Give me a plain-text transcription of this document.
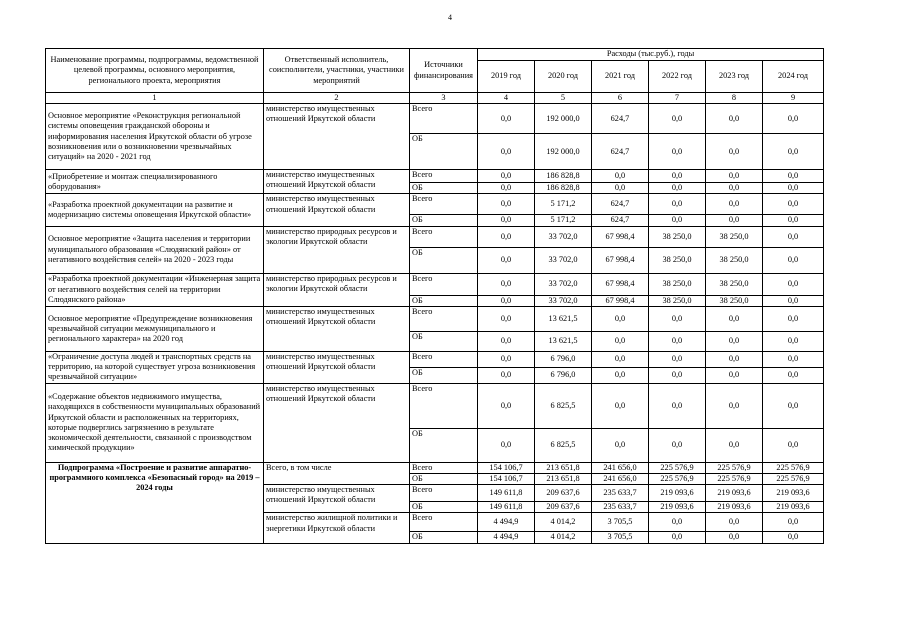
4
Наименование программы, подпрограммы, ведомственной целевой программы, основного мероприятия, регионального проекта, мероприятия	Ответственный исполнитель, соисполнители, участники, участники мероприятий	Источники финансирования	Расходы (тыс.руб.), годы					
			2019 год	2020 год	2021 год	2022 год	2023 год	2024 год
1	2	3	4	5	6	7	8	9
Основное мероприятие «Реконструкция региональной системы оповещения гражданской обороны и информирования населения Иркутской области об угрозе возникновения или о возникновении чрезвычайных ситуаций» на 2020 - 2021 год	министерство имущественных отношений Иркутской области	Всего	0,0	192 000,0	624,7	0,0	0,0	0,0
		ОБ	0,0	192 000,0	624,7	0,0	0,0	0,0
«Приобретение и монтаж специализированного оборудования»	министерство имущественных отношений Иркутской области	Всего	0,0	186 828,8	0,0	0,0	0,0	0,0
		ОБ	0,0	186 828,8	0,0	0,0	0,0	0,0
«Разработка проектной документации на развитие и модернизацию системы оповещения Иркутской области»	министерство имущественных отношений Иркутской области	Всего	0,0	5 171,2	624,7	0,0	0,0	0,0
		ОБ	0,0	5 171,2	624,7	0,0	0,0	0,0
Основное мероприятие «Защита населения и территории муниципального образования «Слюдянский район» от негативного воздействия селей» на 2020 - 2023 годы	министерство природных ресурсов и экологии Иркутской области	Всего	0,0	33 702,0	67 998,4	38 250,0	38 250,0	0,0
		ОБ	0,0	33 702,0	67 998,4	38 250,0	38 250,0	0,0
«Разработка проектной документации «Инженерная защита от негативного воздействия селей на территории Слюдянского района»	министерство природных ресурсов и экологии Иркутской области	Всего	0,0	33 702,0	67 998,4	38 250,0	38 250,0	0,0
		ОБ	0,0	33 702,0	67 998,4	38 250,0	38 250,0	0,0
Основное мероприятие «Предупреждение возникновения чрезвычайной ситуации межмуниципального и регионального характера» на 2020 год	министерство имущественных отношений Иркутской области	Всего	0,0	13 621,5	0,0	0,0	0,0	0,0
		ОБ	0,0	13 621,5	0,0	0,0	0,0	0,0
«Ограничение доступа людей и транспортных средств на территорию, на которой существует угроза возникновения чрезвычайной ситуации»	министерство имущественных отношений Иркутской области	Всего	0,0	6 796,0	0,0	0,0	0,0	0,0
		ОБ	0,0	6 796,0	0,0	0,0	0,0	0,0
«Содержание объектов недвижимого имущества, находящихся в собственности муниципальных образований Иркутской области и расположенных на территориях, которые подверглись загрязнению в результате экономической деятельности, связанной с производством химической продукции»	министерство имущественных отношений Иркутской области	Всего	0,0	6 825,5	0,0	0,0	0,0	0,0
		ОБ	0,0	6 825,5	0,0	0,0	0,0	0,0
Подпрограмма «Построение и развитие аппаратно-программного комплекса «Безопасный город» на 2019 – 2024 годы	Всего, в том числе	Всего	154 106,7	213 651,8	241 656,0	225 576,9	225 576,9	225 576,9
		ОБ	154 106,7	213 651,8	241 656,0	225 576,9	225 576,9	225 576,9
	министерство имущественных отношений Иркутской области	Всего	149 611,8	209 637,6	235 633,7	219 093,6	219 093,6	219 093,6
		ОБ	149 611,8	209 637,6	235 633,7	219 093,6	219 093,6	219 093,6
	министерство жилищной политики и энергетики Иркутской области	Всего	4 494,9	4 014,2	3 705,5	0,0	0,0	0,0
		ОБ	4 494,9	4 014,2	3 705,5	0,0	0,0	0,0
